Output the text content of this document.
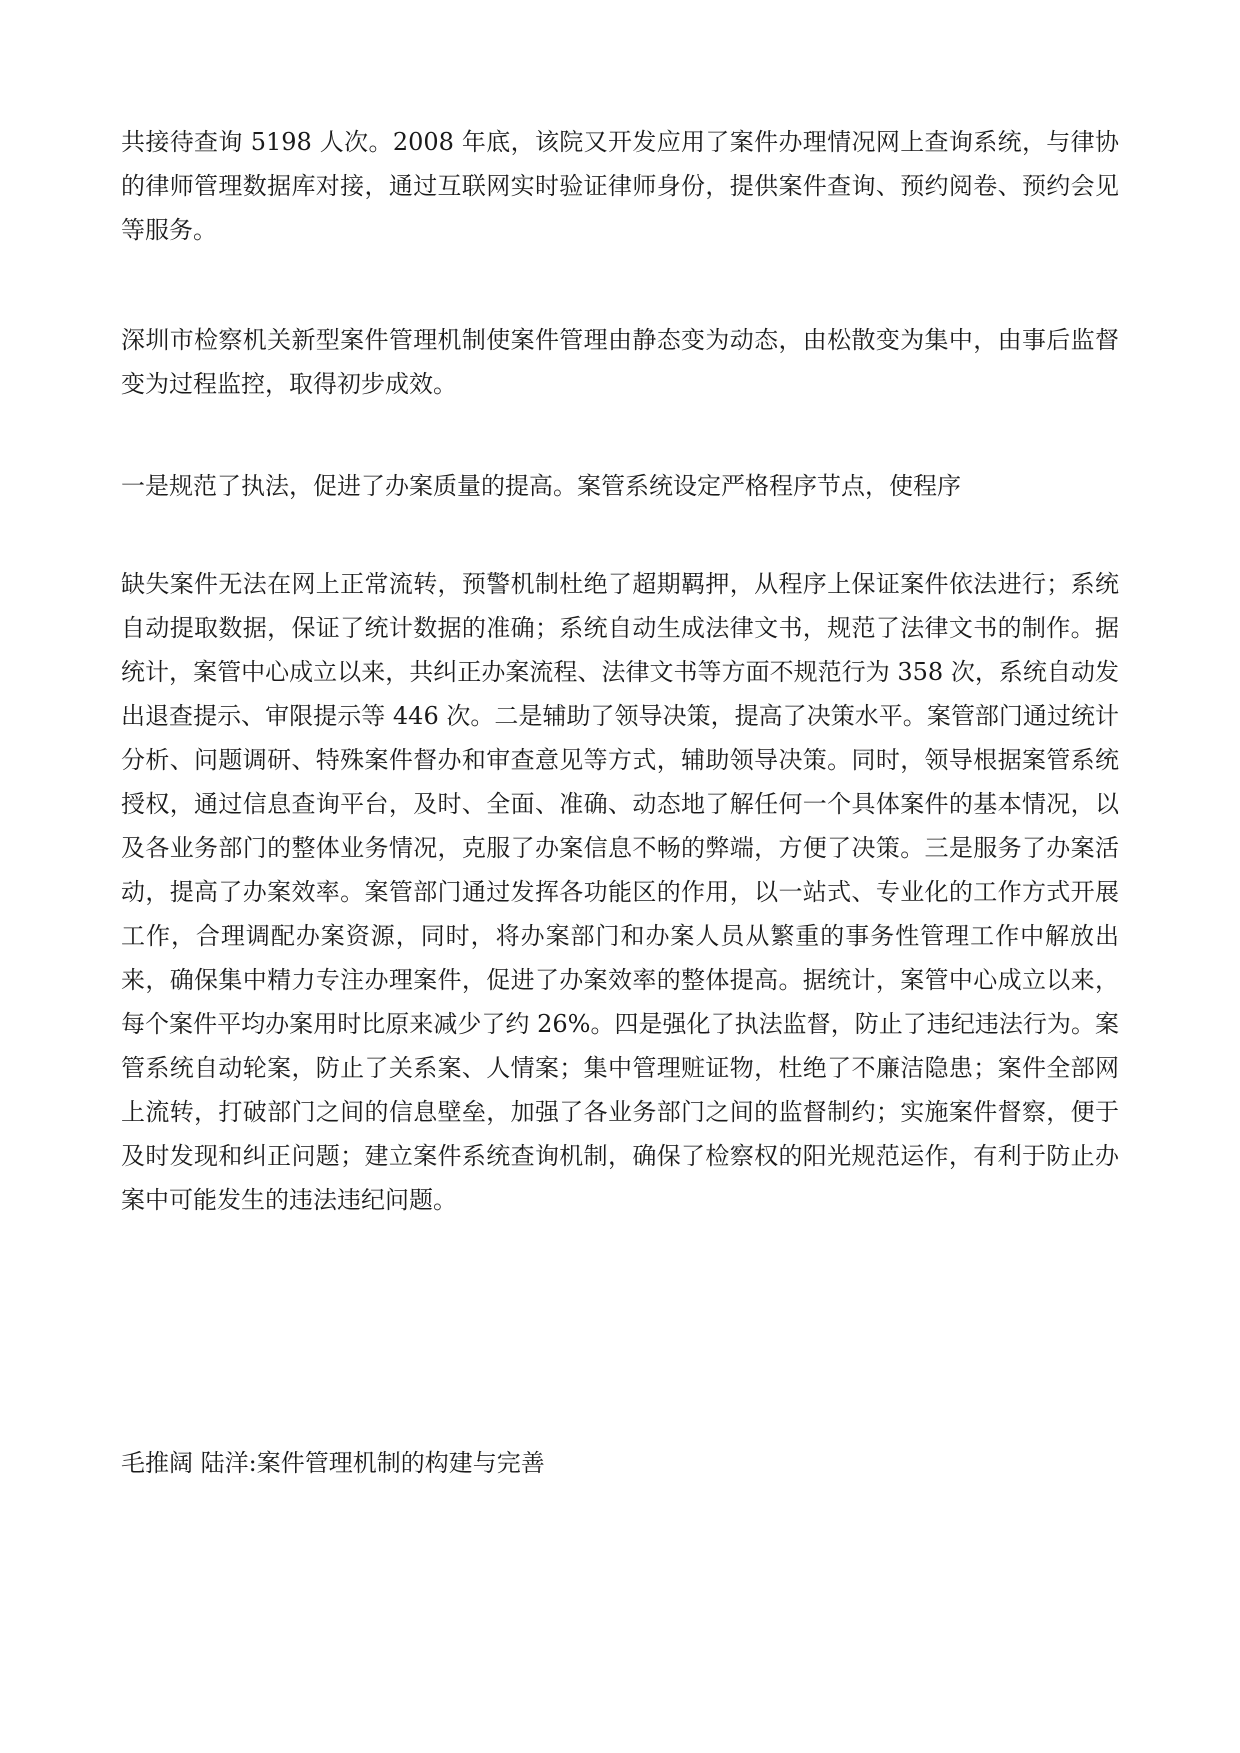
共接待查询 5198 人次。2008 年底，该院又开发应用了案件办理情况网上查询系统，与律协的律师管理数据库对接，通过互联网实时验证律师身份，提供案件查询、预约阅卷、预约会见等服务。

深圳市检察机关新型案件管理机制使案件管理由静态变为动态，由松散变为集中，由事后监督变为过程监控，取得初步成效。

一是规范了执法，促进了办案质量的提高。案管系统设定严格程序节点，使程序

缺失案件无法在网上正常流转，预警机制杜绝了超期羁押，从程序上保证案件依法进行；系统自动提取数据，保证了统计数据的准确；系统自动生成法律文书，规范了法律文书的制作。据统计，案管中心成立以来，共纠正办案流程、法律文书等方面不规范行为 358 次，系统自动发出退查提示、审限提示等 446 次。二是辅助了领导决策，提高了决策水平。案管部门通过统计分析、问题调研、特殊案件督办和审查意见等方式，辅助领导决策。同时，领导根据案管系统授权，通过信息查询平台，及时、全面、准确、动态地了解任何一个具体案件的基本情况，以及各业务部门的整体业务情况，克服了办案信息不畅的弊端，方便了决策。三是服务了办案活动，提高了办案效率。案管部门通过发挥各功能区的作用，以一站式、专业化的工作方式开展工作，合理调配办案资源，同时，将办案部门和办案人员从繁重的事务性管理工作中解放出来，确保集中精力专注办理案件，促进了办案效率的整体提高。据统计，案管中心成立以来，每个案件平均办案用时比原来减少了约 26%。四是强化了执法监督，防止了违纪违法行为。案管系统自动轮案，防止了关系案、人情案；集中管理赃证物，杜绝了不廉洁隐患；案件全部网上流转，打破部门之间的信息壁垒，加强了各业务部门之间的监督制约；实施案件督察，便于及时发现和纠正问题；建立案件系统查询机制，确保了检察权的阳光规范运作，有利于防止办案中可能发生的违法违纪问题。

毛推阔 陆洋:案件管理机制的构建与完善
